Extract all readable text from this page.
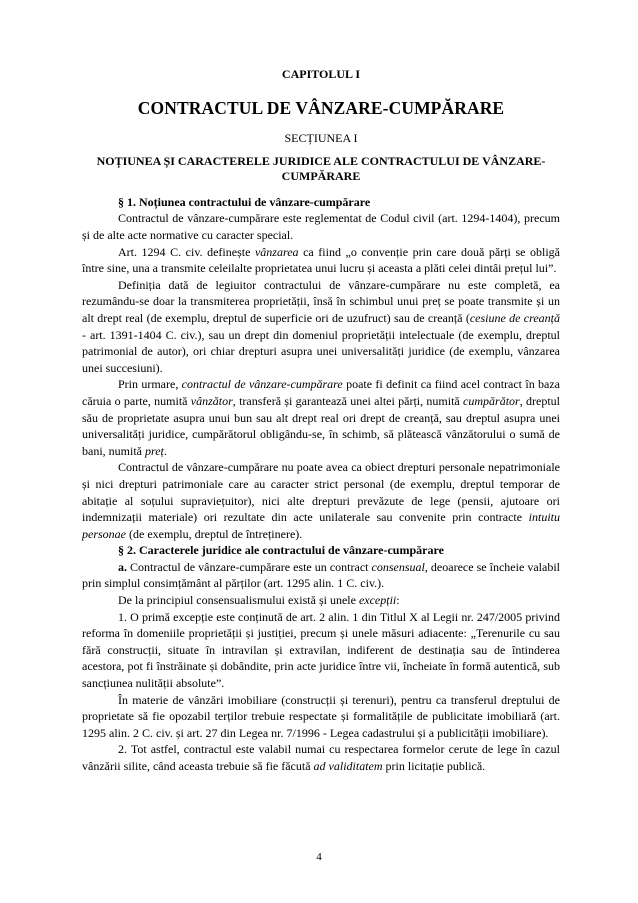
CAPITOLUL I
CONTRACTUL DE VÂNZARE-CUMPĂRARE
SECȚIUNEA I
NOȚIUNEA ȘI CARACTERELE JURIDICE ALE CONTRACTULUI DE VÂNZARE-CUMPĂRARE

§ 1. Noțiunea contractului de vânzare-cumpărare

Contractul de vânzare-cumpărare este reglementat de Codul civil (art. 1294-1404), precum și de alte acte normative cu caracter special.

Art. 1294 C. civ. definește vânzarea ca fiind „o convenție prin care două părți se obligă între sine, una a transmite celeilalte proprietatea unui lucru și aceasta a plăti celei dintâi prețul lui”.

Definiția dată de legiuitor contractului de vânzare-cumpărare nu este completă, ea rezumându-se doar la transmiterea proprietății, însă în schimbul unui preț se poate transmite și un alt drept real (de exemplu, dreptul de superficie ori de uzufruct) sau de creanță (cesiune de creanță - art. 1391-1404 C. civ.), sau un drept din domeniul proprietății intelectuale (de exemplu, dreptul patrimonial de autor), ori chiar drepturi asupra unei universalități juridice (de exemplu, vânzarea unei succesiuni).

Prin urmare, contractul de vânzare-cumpărare poate fi definit ca fiind acel contract în baza căruia o parte, numită vânzător, transferă și garantează unei altei părți, numită cumpărător, dreptul său de proprietate asupra unui bun sau alt drept real ori drept de creanță, sau dreptul asupra unei universalități juridice, cumpărătorul obligându-se, în schimb, să plătească vânzătorului o sumă de bani, numită preț.

Contractul de vânzare-cumpărare nu poate avea ca obiect drepturi personale nepatrimoniale și nici drepturi patrimoniale care au caracter strict personal (de exemplu, dreptul temporar de abitație al soțului supraviețuitor), nici alte drepturi prevăzute de lege (pensii, ajutoare ori indemnizații materiale) ori rezultate din acte unilaterale sau convenite prin contracte intuitu personae (de exemplu, dreptul de întreținere).

§ 2. Caracterele juridice ale contractului de vânzare-cumpărare

a. Contractul de vânzare-cumpărare este un contract consensual, deoarece se încheie valabil prin simplul consimțământ al părților (art. 1295 alin. 1 C. civ.).

De la principiul consensualismului există și unele excepții:

1. O primă excepție este conținută de art. 2 alin. 1 din Titlul X al Legii nr. 247/2005 privind reforma în domeniile proprietății și justiției, precum și unele măsuri adiacente: „Terenurile cu sau fără construcții, situate în intravilan și extravilan, indiferent de destinația sau de întinderea acestora, pot fi înstrăinate și dobândite, prin acte juridice între vii, încheiate în formă autentică, sub sancțiunea nulității absolute”.

În materie de vânzări imobiliare (construcții și terenuri), pentru ca transferul dreptului de proprietate să fie opozabil terților trebuie respectate și formalitățile de publicitate imobiliară (art. 1295 alin. 2 C. civ. și art. 27 din Legea nr. 7/1996 - Legea cadastrului și a publicității imobiliare).

2. Tot astfel, contractul este valabil numai cu respectarea formelor cerute de lege în cazul vânzării silite, când aceasta trebuie să fie făcută ad validitatem prin licitație publică.

4
